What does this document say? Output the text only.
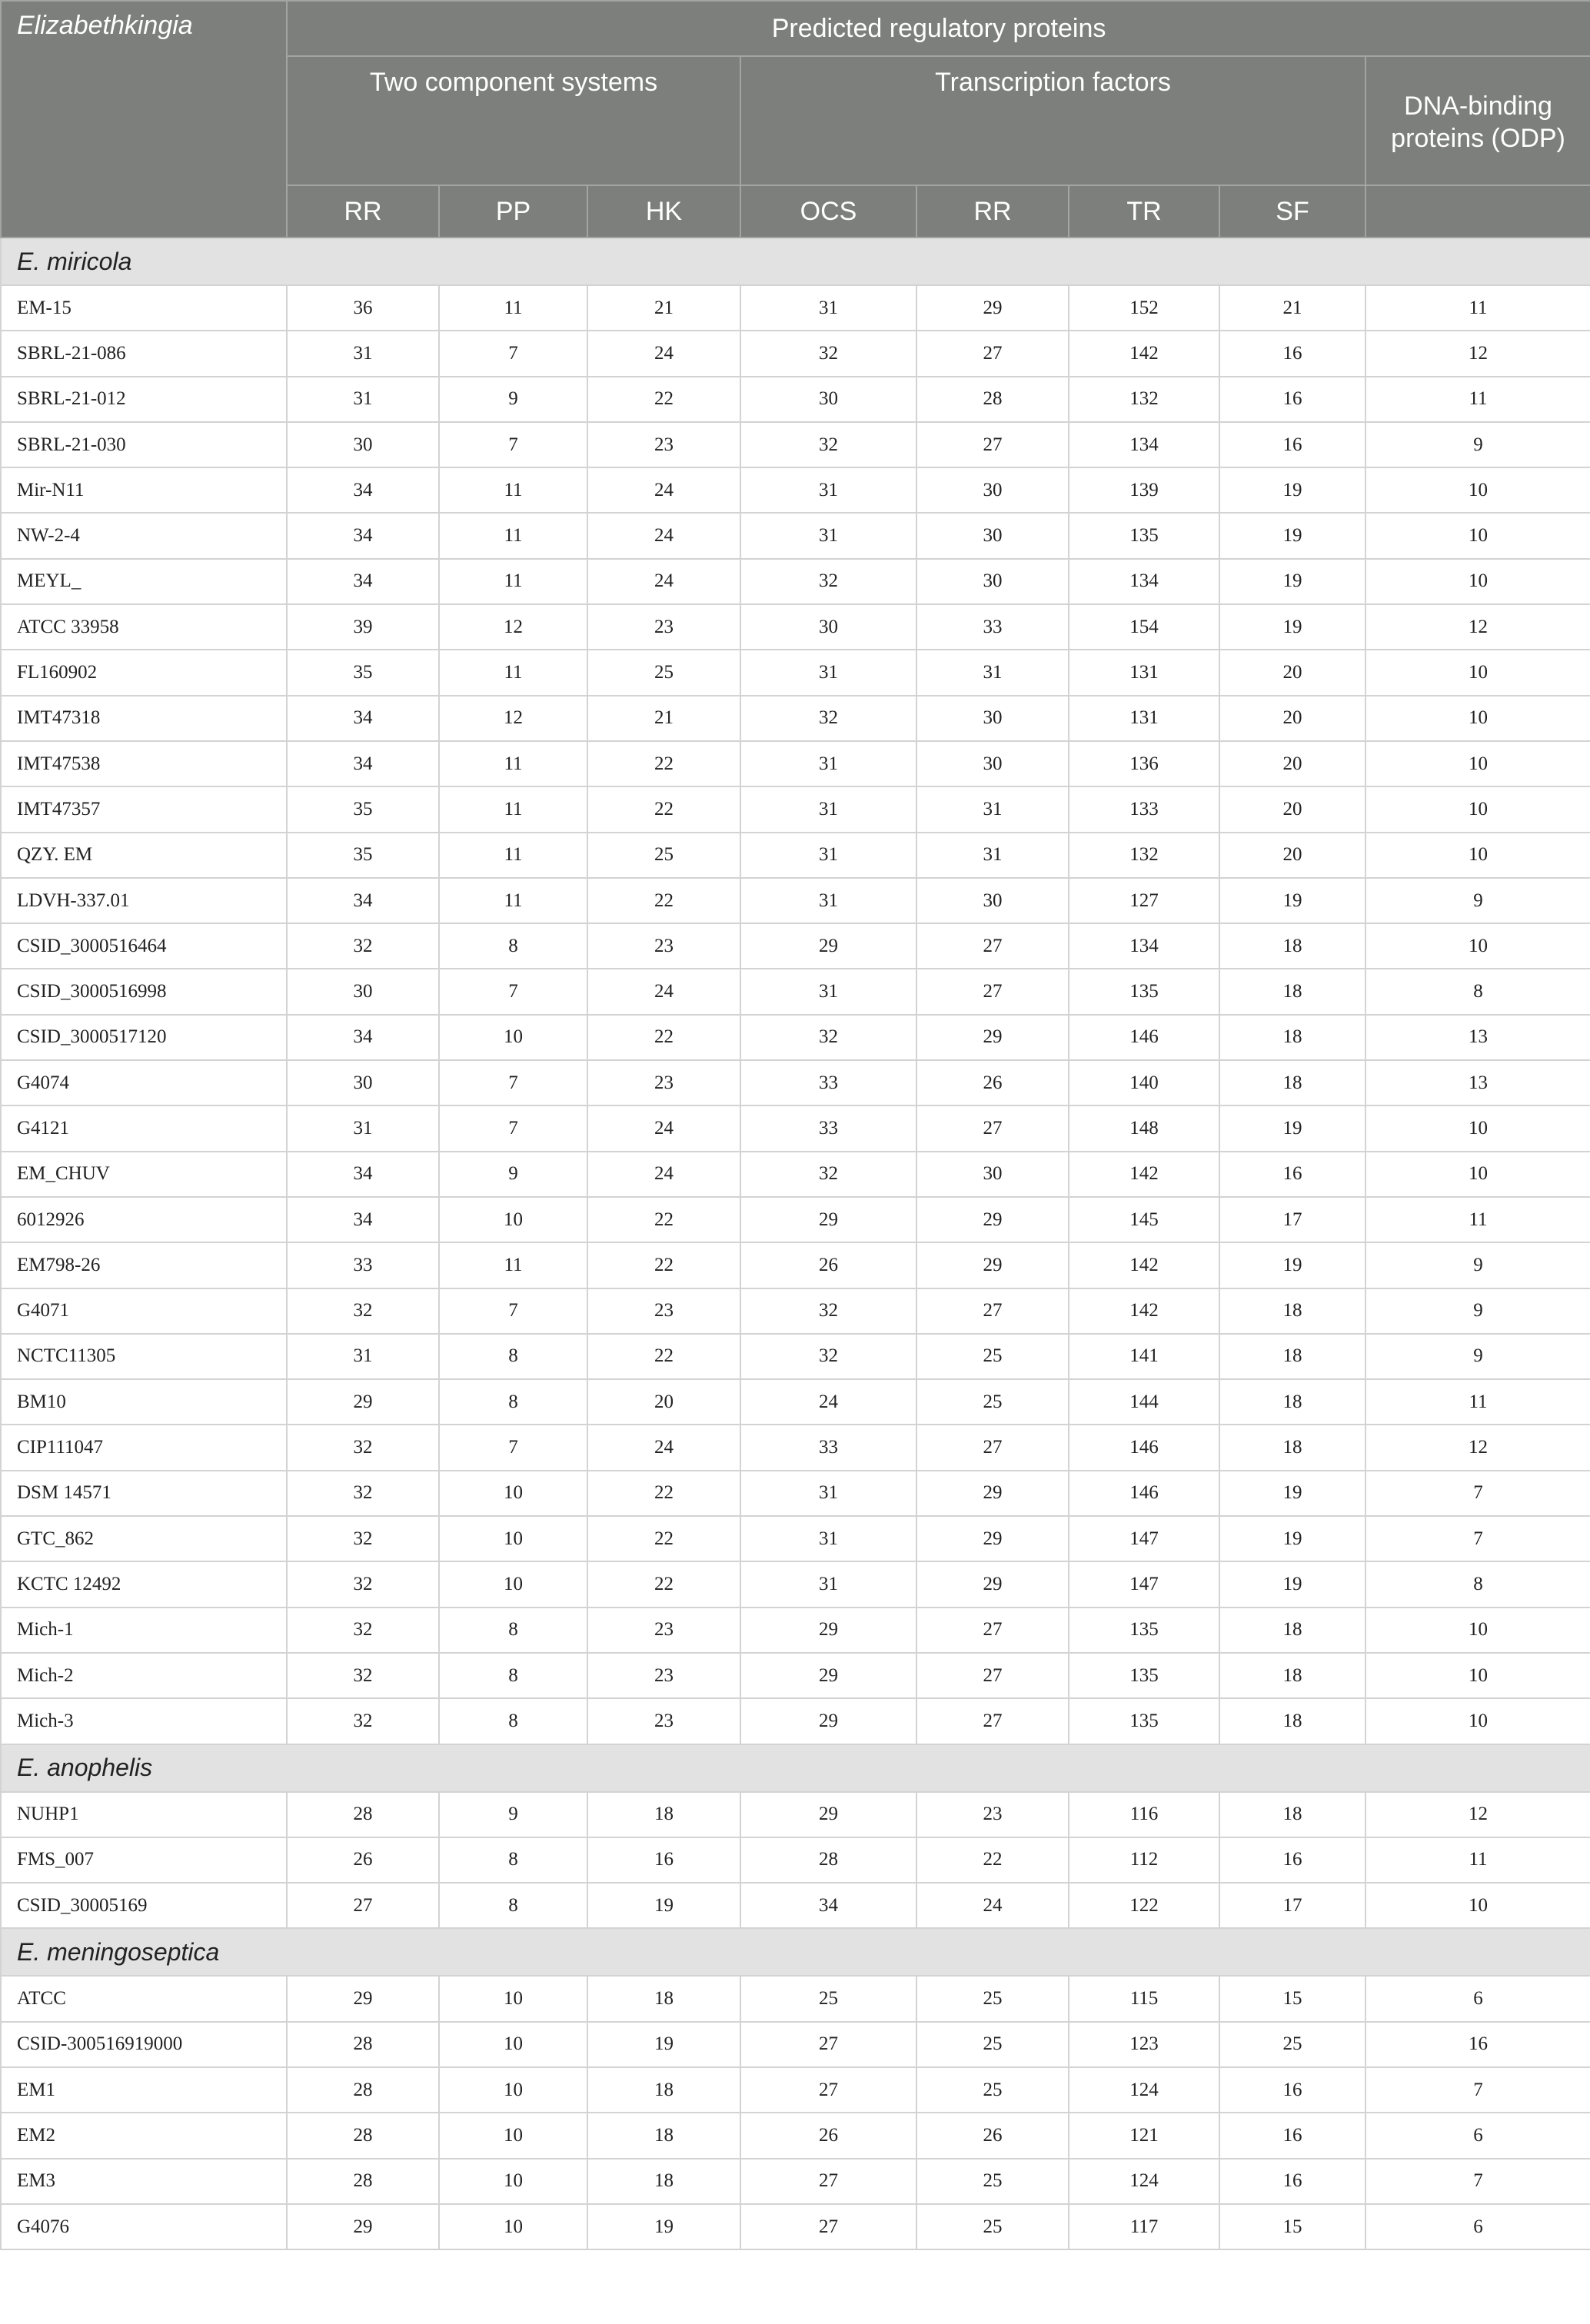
Elizabethkingia	Predicted regulatory proteins							
	Two component systems			Transcription factors				DNA-binding proteins (ODP)
	RR	PP	HK	OCS	RR	TR	SF	
E. miricola								
EM-15	36	11	21	31	29	152	21	11
SBRL-21-086	31	7	24	32	27	142	16	12
SBRL-21-012	31	9	22	30	28	132	16	11
SBRL-21-030	30	7	23	32	27	134	16	9
Mir-N11	34	11	24	31	30	139	19	10
NW-2-4	34	11	24	31	30	135	19	10
MEYL_	34	11	24	32	30	134	19	10
ATCC 33958	39	12	23	30	33	154	19	12
FL160902	35	11	25	31	31	131	20	10
IMT47318	34	12	21	32	30	131	20	10
IMT47538	34	11	22	31	30	136	20	10
IMT47357	35	11	22	31	31	133	20	10
QZY. EM	35	11	25	31	31	132	20	10
LDVH-337.01	34	11	22	31	30	127	19	9
CSID_3000516464	32	8	23	29	27	134	18	10
CSID_3000516998	30	7	24	31	27	135	18	8
CSID_3000517120	34	10	22	32	29	146	18	13
G4074	30	7	23	33	26	140	18	13
G4121	31	7	24	33	27	148	19	10
EM_CHUV	34	9	24	32	30	142	16	10
6012926	34	10	22	29	29	145	17	11
EM798-26	33	11	22	26	29	142	19	9
G4071	32	7	23	32	27	142	18	9
NCTC11305	31	8	22	32	25	141	18	9
BM10	29	8	20	24	25	144	18	11
CIP111047	32	7	24	33	27	146	18	12
DSM 14571	32	10	22	31	29	146	19	7
GTC_862	32	10	22	31	29	147	19	7
KCTC 12492	32	10	22	31	29	147	19	8
Mich-1	32	8	23	29	27	135	18	10
Mich-2	32	8	23	29	27	135	18	10
Mich-3	32	8	23	29	27	135	18	10
E. anophelis								
NUHP1	28	9	18	29	23	116	18	12
FMS_007	26	8	16	28	22	112	16	11
CSID_30005169	27	8	19	34	24	122	17	10
E. meningoseptica								
ATCC	29	10	18	25	25	115	15	6
CSID-300516919000	28	10	19	27	25	123	25	16
EM1	28	10	18	27	25	124	16	7
EM2	28	10	18	26	26	121	16	6
EM3	28	10	18	27	25	124	16	7
G4076	29	10	19	27	25	117	15	6
